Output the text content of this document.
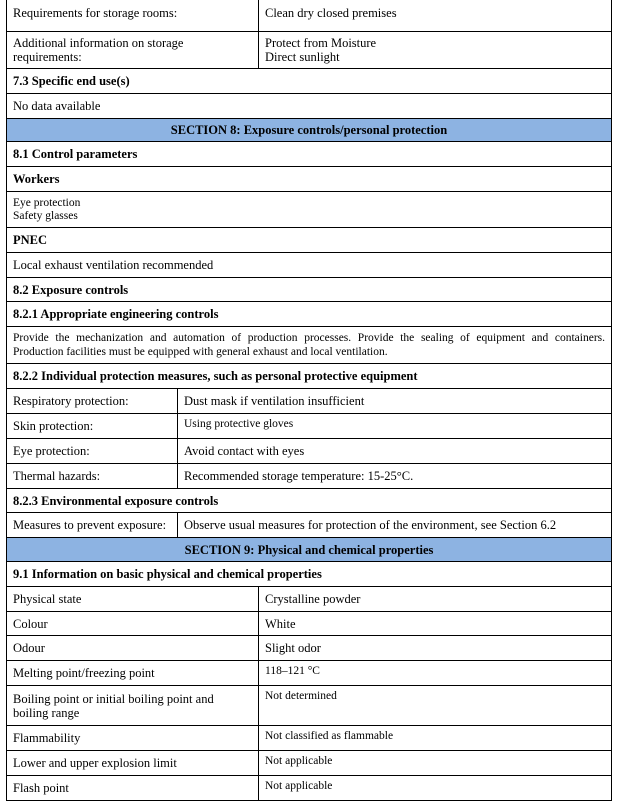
Requirements for storage rooms:	Clean dry closed premises
Additional information on storage requirements:	Protect from Moisture
Direct sunlight

7.3 Specific end use(s)	
No data available	
SECTION 8: Exposure controls/personal protection	
8.1 Control parameters	
Workers	

Eye protection
Safety glasses	

PNEC	
Local exhaust ventilation recommended	
8.2 Exposure controls	
8.2.1 Appropriate engineering controls	
Provide the mechanization and automation of production processes. Provide the sealing of equipment and containers. Production facilities must be equipped with general exhaust and local ventilation.	
8.2.2 Individual protection measures, such as personal protective equipment	
Respiratory protection:	Dust mask if ventilation insufficient
Skin protection:	Using protective gloves
Eye protection:	Avoid contact with eyes
Thermal hazards:	Recommended storage temperature: 15-25°C.
8.2.3 Environmental exposure controls	
Measures to prevent exposure:	Observe usual measures for protection of the environment, see Section 6.2
SECTION 9: Physical and chemical properties	
9.1 Information on basic physical and chemical properties	
Physical state	Crystalline powder
Colour	White
Odour	Slight odor
Melting point/freezing point	118–121 °C
Boiling point or initial boiling point and boiling range	Not determined
Flammability	Not classified as flammable
Lower and upper explosion limit	Not applicable
Flash point	Not applicable
